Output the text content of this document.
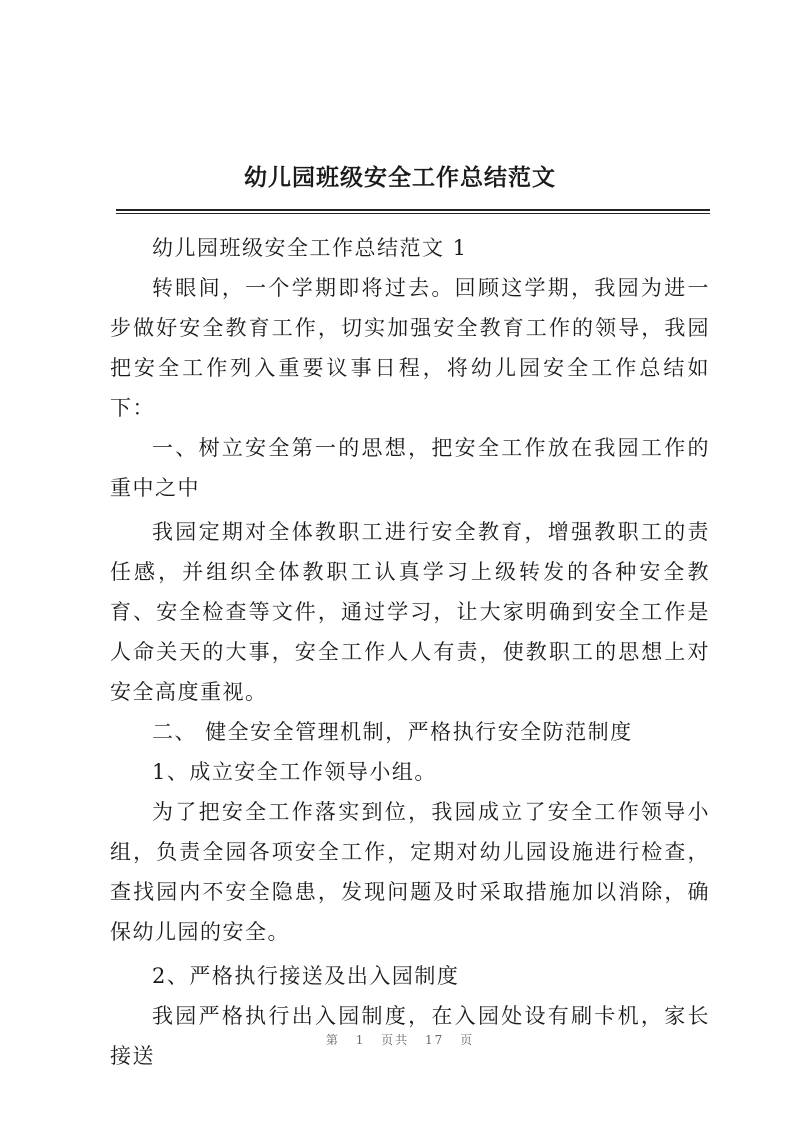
幼儿园班级安全工作总结范文

幼儿园班级安全工作总结范文 1

转眼间，一个学期即将过去。回顾这学期，我园为进一步做好安全教育工作，切实加强安全教育工作的领导，我园把安全工作列入重要议事日程，将幼儿园安全工作总结如下：

一、树立安全第一的思想，把安全工作放在我园工作的重中之中

我园定期对全体教职工进行安全教育，增强教职工的责任感，并组织全体教职工认真学习上级转发的各种安全教育、安全检查等文件，通过学习，让大家明确到安全工作是人命关天的大事，安全工作人人有责，使教职工的思想上对安全高度重视。

二、 健全安全管理机制，严格执行安全防范制度

1、成立安全工作领导小组。

为了把安全工作落实到位，我园成立了安全工作领导小组，负责全园各项安全工作，定期对幼儿园设施进行检查，查找园内不安全隐患，发现问题及时采取措施加以消除，确保幼儿园的安全。

2、严格执行接送及出入园制度

我园严格执行出入园制度，在入园处设有刷卡机，家长接送

第 1 页共 17 页
